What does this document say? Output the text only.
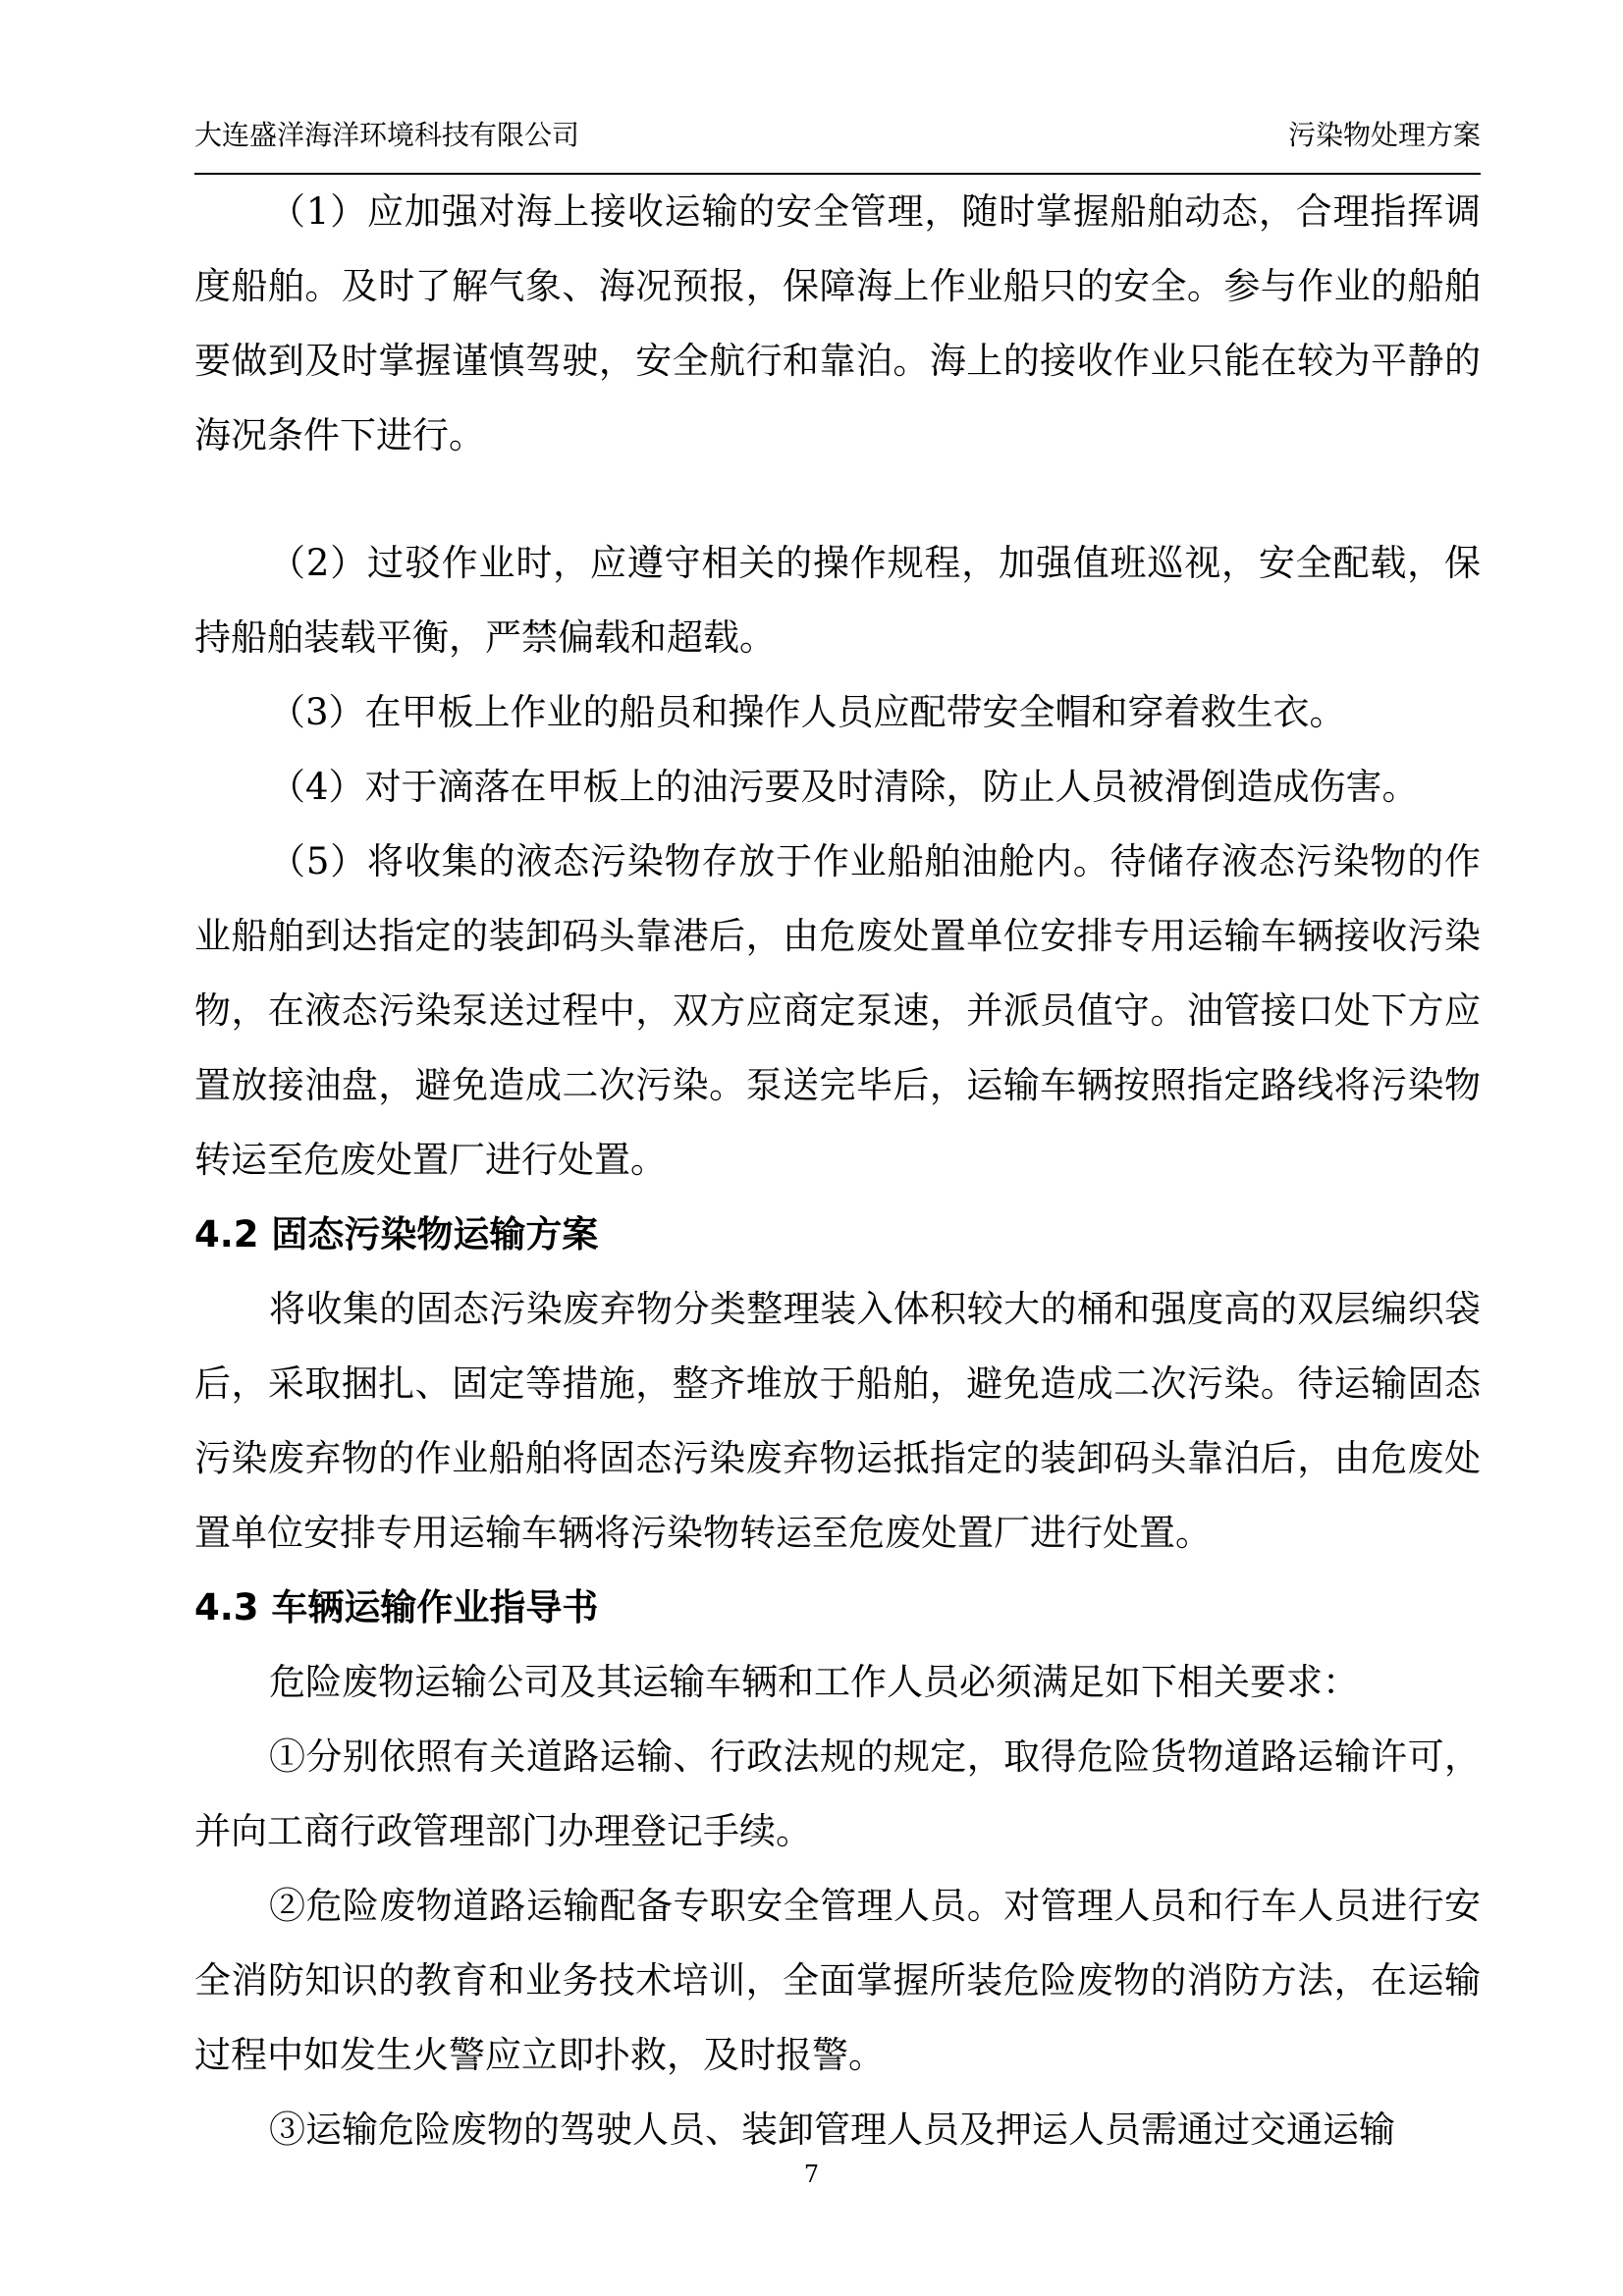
大连盛洋海洋环境科技有限公司	污染物处理方案

（1）应加强对海上接收运输的安全管理，随时掌握船舶动态，合理指挥调度船舶。及时了解气象、海况预报，保障海上作业船只的安全。参与作业的船舶要做到及时掌握谨慎驾驶，安全航行和靠泊。海上的接收作业只能在较为平静的海况条件下进行。

（2）过驳作业时，应遵守相关的操作规程，加强值班巡视，安全配载，保持船舶装载平衡，严禁偏载和超载。

（3）在甲板上作业的船员和操作人员应配带安全帽和穿着救生衣。

（4）对于滴落在甲板上的油污要及时清除，防止人员被滑倒造成伤害。

（5）将收集的液态污染物存放于作业船舶油舱内。待储存液态污染物的作业船舶到达指定的装卸码头靠港后，由危废处置单位安排专用运输车辆接收污染物，在液态污染泵送过程中，双方应商定泵速，并派员值守。油管接口处下方应置放接油盘，避免造成二次污染。泵送完毕后，运输车辆按照指定路线将污染物转运至危废处置厂进行处置。

4.2 固态污染物运输方案

将收集的固态污染废弃物分类整理装入体积较大的桶和强度高的双层编织袋后，采取捆扎、固定等措施，整齐堆放于船舶，避免造成二次污染。待运输固态污染废弃物的作业船舶将固态污染废弃物运抵指定的装卸码头靠泊后，由危废处置单位安排专用运输车辆将污染物转运至危废处置厂进行处置。

4.3 车辆运输作业指导书

危险废物运输公司及其运输车辆和工作人员必须满足如下相关要求：

①分别依照有关道路运输、行政法规的规定，取得危险货物道路运输许可，并向工商行政管理部门办理登记手续。

②危险废物道路运输配备专职安全管理人员。对管理人员和行车人员进行安全消防知识的教育和业务技术培训，全面掌握所装危险废物的消防方法，在运输过程中如发生火警应立即扑救，及时报警。

③运输危险废物的驾驶人员、装卸管理人员及押运人员需通过交通运输

7
